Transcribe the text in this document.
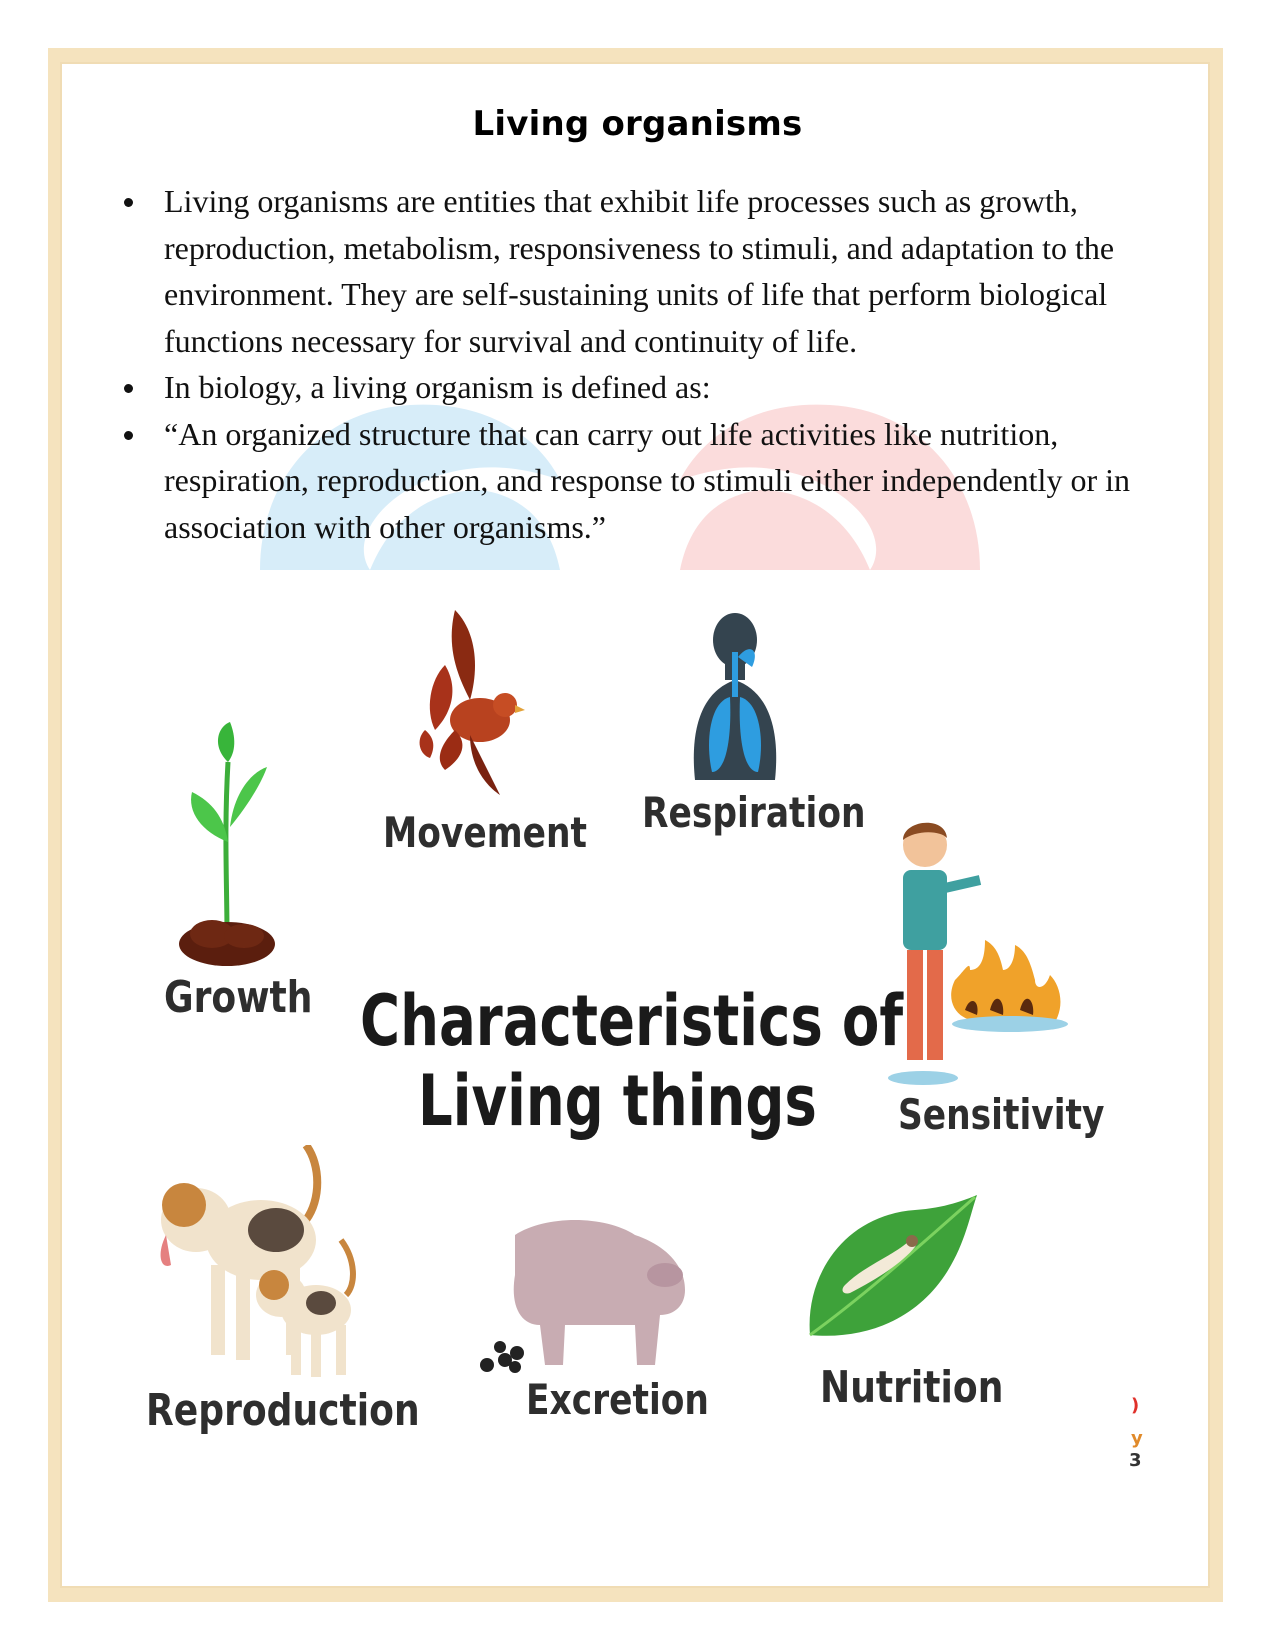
Living organisms
Living organisms are entities that exhibit life processes such as growth, reproduction, metabolism, responsiveness to stimuli, and adaptation to the environment. They are self-sustaining units of life that perform biological functions necessary for survival and continuity of life.
In biology, a living organism is defined as:
“An organized structure that can carry out life activities like nutrition, respiration, reproduction, and response to stimuli either independently or in association with other organisms.”
Growth
Movement Respiration
Sensitivity
Characteristics of
Living things
Reproduction	Excretion	Nutrition	)
y
3
